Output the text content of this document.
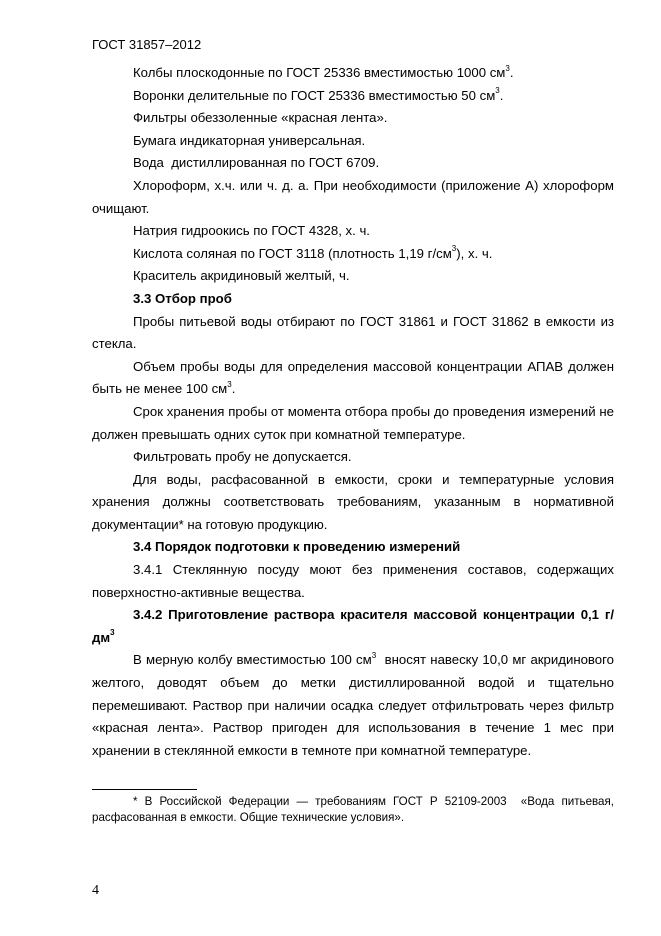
ГОСТ 31857–2012
Колбы плоскодонные по ГОСТ 25336 вместимостью 1000 $см^3$.
Воронки делительные по ГОСТ 25336 вместимостью 50 $см^3$.
Фильтры обеззоленные «красная лента».
Бумага индикаторная универсальная.
Вода  дистиллированная по ГОСТ 6709.
Хлороформ, х.ч. или ч. д. а. При необходимости (приложение А) хлороформ очищают.
Натрия гидроокись по ГОСТ 4328, х. ч.
Кислота соляная по ГОСТ 3118 (плотность 1,19 $г/см^3$), х. ч.
Краситель акридиновый желтый, ч.
3.3 Отбор проб
Пробы питьевой воды отбирают по ГОСТ 31861 и ГОСТ 31862 в емкости из стекла.
Объем пробы воды для определения массовой концентрации АПАВ должен быть не менее 100 $см^3$.
Срок хранения пробы от момента отбора пробы до проведения измерений не должен превышать одних суток при комнатной температуре.
Фильтровать пробу не допускается.
Для воды, расфасованной в емкости, сроки и температурные условия хранения должны соответствовать требованиям, указанным в нормативной документации* на готовую продукцию.
3.4 Порядок подготовки к проведению измерений
3.4.1 Стеклянную посуду моют без применения составов, содержащих поверхностно-активные вещества.
3.4.2 Приготовление раствора красителя массовой концентрации 0,1 $г/дм^3$
В мерную колбу вместимостью 100 $см^3$  вносят навеску 10,0 мг акридинового желтого, доводят объем до метки дистиллированной водой и тщательно перемешивают. Раствор при наличии осадка следует отфильтровать через фильтр «красная лента». Раствор пригоден для использования в течение 1 мес при хранении в стеклянной емкости в темноте при комнатной температуре.
* В Российской Федерации — требованиям ГОСТ Р 52109-2003  «Вода питьевая, расфасованная в емкости. Общие технические условия».
4
